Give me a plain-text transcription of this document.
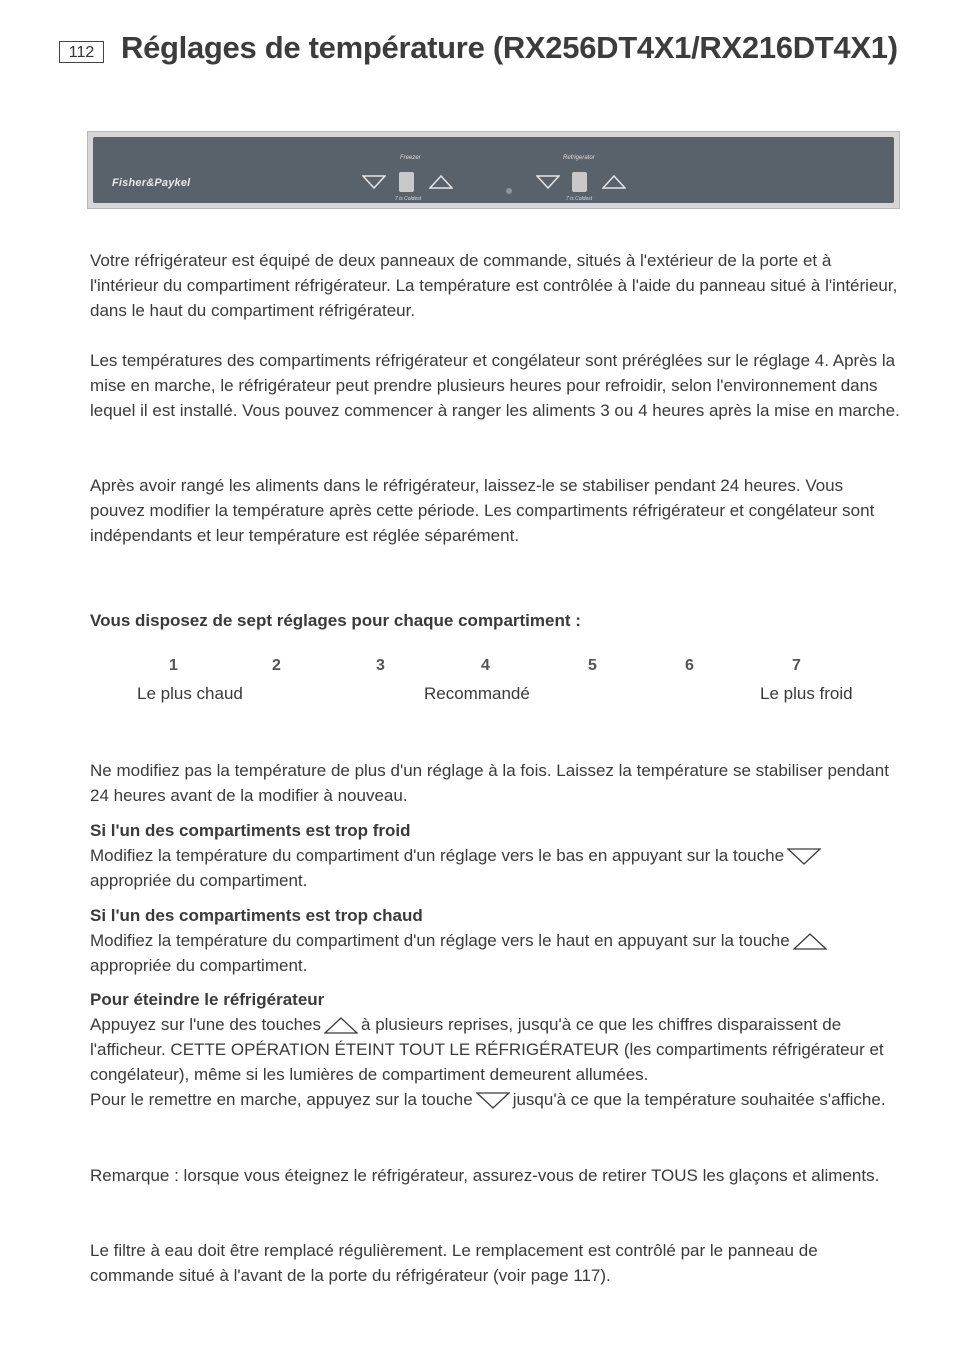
112 Réglages de température (RX256DT4X1/RX216DT4X1)
Fisher&Paykel
Freezer
7 is Coldest
Refrigerator
7 is Coldest

Votre réfrigérateur est équipé de deux panneaux de commande, situés à l'extérieur de la porte et à l'intérieur du compartiment réfrigérateur. La température est contrôlée à l'aide du panneau situé à l'intérieur, dans le haut du compartiment réfrigérateur.

Les températures des compartiments réfrigérateur et congélateur sont préréglées sur le réglage 4. Après la mise en marche, le réfrigérateur peut prendre plusieurs heures pour refroidir, selon l'environnement dans lequel il est installé. Vous pouvez commencer à ranger les aliments 3 ou 4 heures après la mise en marche.

Après avoir rangé les aliments dans le réfrigérateur, laissez-le se stabiliser pendant 24 heures. Vous pouvez modifier la température après cette période. Les compartiments réfrigérateur et congélateur sont indépendants et leur température est réglée séparément.

Vous disposez de sept réglages pour chaque compartiment :

1	2	3	4	5	6	7
Le plus chaud	Recommandé	Le plus froid

Ne modifiez pas la température de plus d'un réglage à la fois. Laissez la température se stabiliser pendant 24 heures avant de la modifier à nouveau.

Si l'un des compartiments est trop froid

Modifiez la température du compartiment d'un réglage vers le bas en appuyant sur la touche appropriée du compartiment.

Si l'un des compartiments est trop chaud

Modifiez la température du compartiment d'un réglage vers le haut en appuyant sur la touche appropriée du compartiment.

Pour éteindre le réfrigérateur

Appuyez sur l'une des touches à plusieurs reprises, jusqu'à ce que les chiffres disparaissent de l'afficheur. CETTE OPÉRATION ÉTEINT TOUT LE RÉFRIGÉRATEUR (les compartiments réfrigérateur et congélateur), même si les lumières de compartiment demeurent allumées.
Pour le remettre en marche, appuyez sur la touche jusqu'à ce que la température souhaitée s'affiche.

Remarque : lorsque vous éteignez le réfrigérateur, assurez-vous de retirer TOUS les glaçons et aliments.

Le filtre à eau doit être remplacé régulièrement. Le remplacement est contrôlé par le panneau de commande situé à l'avant de la porte du réfrigérateur (voir page 117).
